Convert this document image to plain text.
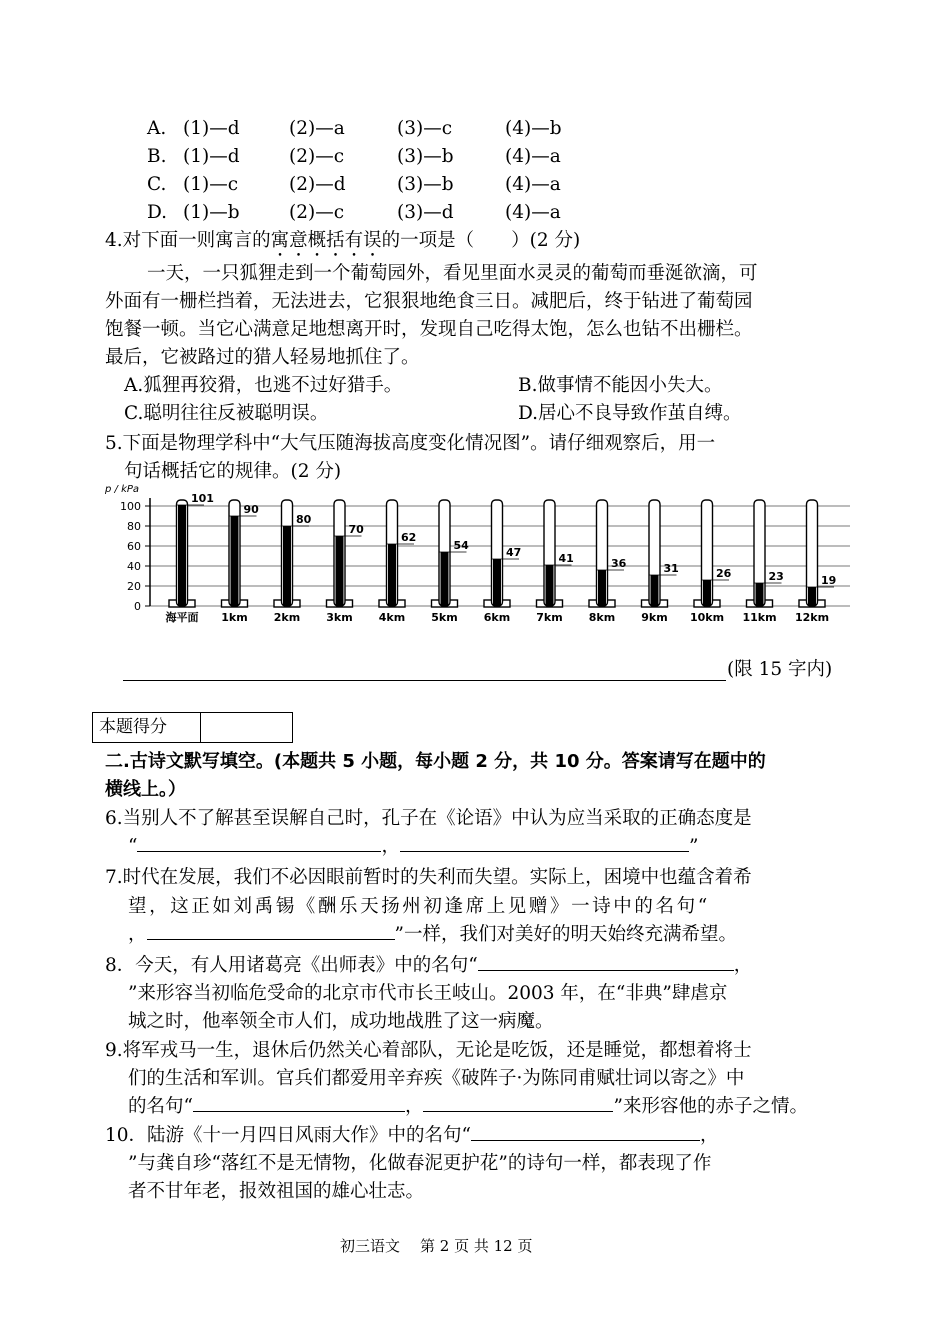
A. (1)—d	(2)—a	(3)—c	(4)—b
B. (1)—d	(2)—c	(3)—b	(4)—a
C. (1)—c	(2)—d	(3)—b	(4)—a
D. (1)—b	(2)—c	(3)—d	(4)—a
4.对下面一则寓言的寓意概括有误的一项是（　　）(2 分)
一天，一只狐狸走到一个葡萄园外，看见里面水灵灵的葡萄而垂涎欲滴，可
外面有一栅栏挡着，无法进去，它狠狠地绝食三日。减肥后，终于钻进了葡萄园
饱餐一顿。当它心满意足地想离开时，发现自己吃得太饱，怎么也钻不出栅栏。
最后，它被路过的猎人轻易地抓住了。
A.狐狸再狡猾，也逃不过好猎手。	B.做事情不能因小失大。
C.聪明往往反被聪明误。	D.居心不良导致作茧自缚。
5.下面是物理学科中“大气压随海拔高度变化情况图”。请仔细观察后，用一
句话概括它的规律。(2 分)
p / kPa
100
80
60
40
20
0
101
海平面
90
1km
80
2km
70
3km
62
4km
54
5km
47
6km
41
7km
36
8km
31
9km
26
10km
23
11km
19
12km
(限 15 字内)
本题得分
二.古诗文默写填空。(本题共 5 小题，每小题 2 分，共 10 分。答案请写在题中的
横线上。）
6.当别人不了解甚至误解自己时，孔子在《论语》中认为应当采取的正确态度是
“	，	”
7.时代在发展，我们不必因眼前暂时的失利而失望。实际上，困境中也蕴含着希
望，这正如刘禹锡《酬乐天扬州初逢席上见赠》一诗中的名句“
，	”一样，我们对美好的明天始终充满希望。
8．今天，有人用诸葛亮《出师表》中的名句“	，
”来形容当初临危受命的北京市代市长王岐山。2003 年，在“非典”肆虐京
城之时，他率领全市人们，成功地战胜了这一病魔。
9.将军戎马一生，退休后仍然关心着部队，无论是吃饭，还是睡觉，都想着将士
们的生活和军训。官兵们都爱用辛弃疾《破阵子·为陈同甫赋壮词以寄之》中
的名句“	，	”来形容他的赤子之情。
10．陆游《十一月四日风雨大作》中的名句“	，
”与龚自珍“落红不是无情物，化做春泥更护花”的诗句一样，都表现了作
者不甘年老，报效祖国的雄心壮志。
初三语文 第 2 页 共 12 页
